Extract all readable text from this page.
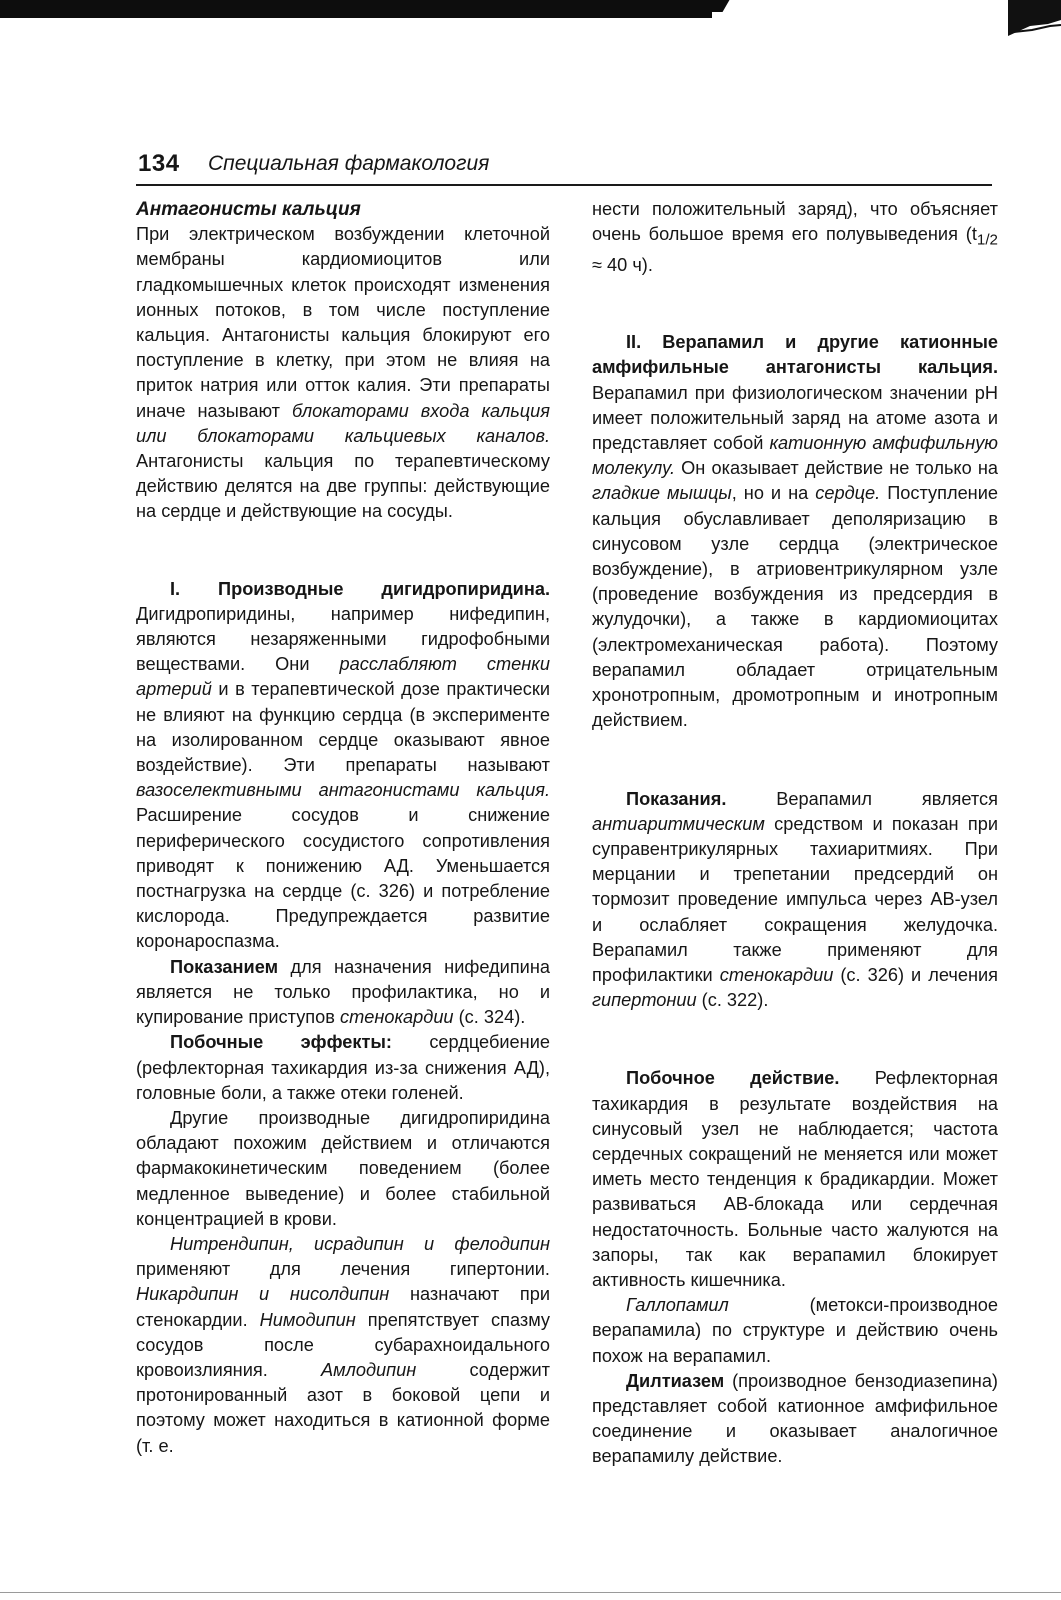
134 Специальная фармакология

Антагонисты кальция

При электрическом возбуждении клеточной мембраны кардиомиоцитов или гладкомышечных клеток происходят изменения ионных потоков, в том числе поступление кальция. Антагонисты кальция блокируют его поступление в клетку, при этом не влияя на приток натрия или отток калия. Эти препараты иначе называют блокаторами входа кальция или блокаторами кальциевых каналов. Антагонисты кальция по терапевтическому действию делятся на две группы: действующие на сердце и действующие на сосуды.

I. Производные дигидропиридина. Дигидропиридины, например нифедипин, являются незаряженными гидрофобными веществами. Они расслабляют стенки артерий и в терапевтической дозе практически не влияют на функцию сердца (в эксперименте на изолированном сердце оказывают явное воздействие). Эти препараты называют вазоселективными антагонистами кальция. Расширение сосудов и снижение периферического сосудистого сопротивления приводят к понижению АД. Уменьшается постнагрузка на сердце (с. 326) и потребление кислорода. Предупреждается развитие коронароспазма.

Показанием для назначения нифедипина является не только профилактика, но и купирование приступов стенокардии (с. 324).

Побочные эффекты: сердцебиение (рефлекторная тахикардия из-за снижения АД), головные боли, а также отеки голеней.

Другие производные дигидропиридина обладают похожим действием и отличаются фармакокинетическим поведением (более медленное выведение) и более стабильной концентрацией в крови.

Нитрендипин, исрадипин и фелодипин применяют для лечения гипертонии. Никардипин и нисолдипин назначают при стенокардии. Нимодипин препятствует спазму сосудов после субарахноидального кровоизлияния. Амлодипин содержит протонированный азот в боковой цепи и поэтому может находиться в катионной форме (т. е.

нести положительный заряд), что объясняет очень большое время его полувыведения ($t_{1/2} \approx 40$ ч).

II. Верапамил и другие катионные амфифильные антагонисты кальция. Верапамил при физиологическом значении pH имеет положительный заряд на атоме азота и представляет собой катионную амфифильную молекулу. Он оказывает действие не только на гладкие мышцы, но и на сердце. Поступление кальция обуславливает деполяризацию в синусовом узле сердца (электрическое возбуждение), в атриовентрикулярном узле (проведение возбуждения из предсердия в жулудочки), а также в кардиомиоцитах (электромеханическая работа). Поэтому верапамил обладает отрицательным хронотропным, дромотропным и инотропным действием.

Показания. Верапамил является антиаритмическим средством и показан при суправентрикулярных тахиаритмиях. При мерцании и трепетании предсердий он тормозит проведение импульса через АВ-узел и ослабляет сокращения желудочка. Верапамил также применяют для профилактики стенокардии (с. 326) и лечения гипертонии (с. 322).

Побочное действие. Рефлекторная тахикардия в результате воздействия на синусовый узел не наблюдается; частота сердечных сокращений не меняется или может иметь место тенденция к брадикардии. Может развиваться АВ-блокада или сердечная недостаточность. Больные часто жалуются на запоры, так как верапамил блокирует активность кишечника.

Галлопамил (метокси-производное верапамила) по структуре и действию очень похож на верапамил.

Дилтиазем (производное бензодиазепина) представляет собой катионное амфифильное соединение и оказывает аналогичное верапамилу действие.
